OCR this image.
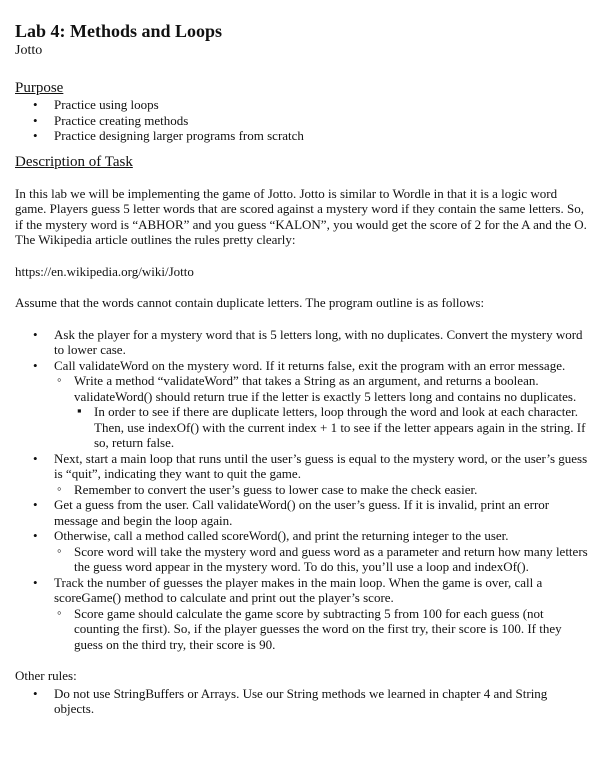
Lab 4: Methods and Loops

Jotto

Purpose

• Practice using loops
• Practice creating methods
• Practice designing larger programs from scratch

Description of Task

In this lab we will be implementing the game of Jotto. Jotto is similar to Wordle in that it is a logic word game. Players guess 5 letter words that are scored against a mystery word if they contain the same letters. So, if the mystery word is “ABHOR” and you guess “KALON”, you would get the score of 2 for the A and the O. The Wikipedia article outlines the rules pretty clearly:

https://en.wikipedia.org/wiki/Jotto

Assume that the words cannot contain duplicate letters. The program outline is as follows:

• Ask the player for a mystery word that is 5 letters long, with no duplicates. Convert the mystery word to lower case.
• Call validateWord on the mystery word. If it returns false, exit the program with an error message.
◦ Write a method “validateWord” that takes a String as an argument, and returns a boolean. validateWord() should return true if the letter is exactly 5 letters long and contains no duplicates.
▪ In order to see if there are duplicate letters, loop through the word and look at each character. Then, use indexOf() with the current index + 1 to see if the letter appears again in the string. If so, return false.
• Next, start a main loop that runs until the user’s guess is equal to the mystery word, or the user’s guess is “quit”, indicating they want to quit the game.
◦ Remember to convert the user’s guess to lower case to make the check easier.
• Get a guess from the user. Call validateWord() on the user’s guess. If it is invalid, print an error message and begin the loop again.
• Otherwise, call a method called scoreWord(), and print the returning integer to the user.
◦ Score word will take the mystery word and guess word as a parameter and return how many letters the guess word appear in the mystery word. To do this, you’ll use a loop and indexOf().
• Track the number of guesses the player makes in the main loop. When the game is over, call a scoreGame() method to calculate and print out the player’s score.
◦ Score game should calculate the game score by subtracting 5 from 100 for each guess (not counting the first). So, if the player guesses the word on the first try, their score is 100. If they guess on the third try, their score is 90.

Other rules:

• Do not use StringBuffers or Arrays. Use our String methods we learned in chapter 4 and String objects.
